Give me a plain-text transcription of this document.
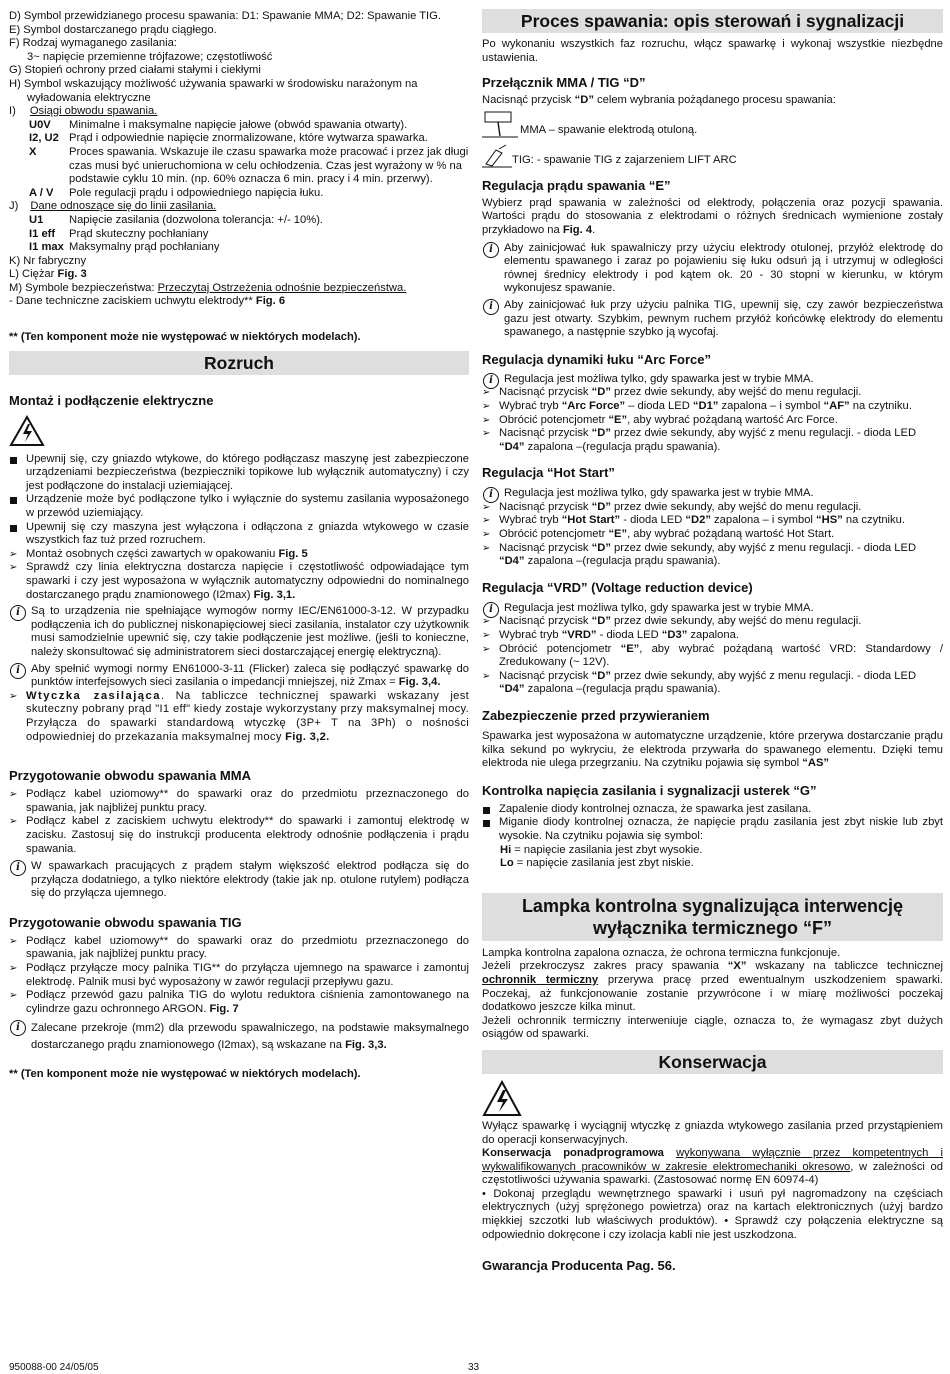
D) Symbol przewidzianego procesu spawania: D1: Spawanie MMA; D2: Spawanie TIG.

E) Symbol dostarczanego prądu ciągłego.

F) Rodzaj wymaganego zasilania:

3~ napięcie przemienne trójfazowe; częstotliwość

G) Stopień ochrony przed ciałami stałymi i ciekłymi

H) Symbol wskazujący możliwość używania spawarki w środowisku narażonym na

wyładowania elektryczne

I) Osiągi obwodu spawania.

U0V	Minimalne i maksymalne napięcie jałowe (obwód spawania otwarty).
I2, U2 Prąd i odpowiednie napięcie znormalizowane, które wytwarza spawarka.
X	Proces spawania. Wskazuje ile czasu spawarka może pracować i przez jak długi czas musi być unieruchomiona w celu ochłodzenia. Czas jest wyrażony w % na podstawie cyklu 10 min. (np. 60% oznacza 6 min. pracy i 4 min. przerwy).
A / V	Pole regulacji prądu i odpowiedniego napięcia łuku.

J) Dane odnoszące się do linii zasilania.

U1	Napięcie zasilania (dozwolona tolerancja: +/- 10%).
I1 eff	Prąd skuteczny pochłaniany
I1 max Maksymalny prąd pochłaniany

K) Nr fabryczny

L) Ciężar Fig. 3

M) Symbole bezpieczeństwa: Przeczytaj Ostrzeżenia odnośnie bezpieczeństwa.

- Dane techniczne zaciskiem uchwytu elektrody** Fig. 6

** (Ten komponent może nie występować w niektórych modelach).

Rozruch
Montaż i podłączenie elektryczne

Upewnij się, czy gniazdo wtykowe, do którego podłączasz maszynę jest zabezpieczone urządzeniami bezpieczeństwa (bezpieczniki topikowe lub wyłącznik automatyczny) i czy jest podłączone do instalacji uziemiającej.

Urządzenie może być podłączone tylko i wyłącznie do systemu zasilania wyposażonego w przewód uziemiający.

Upewnij się czy maszyna jest wyłączona i odłączona z gniazda wtykowego w czasie wszystkich faz tuż przed rozruchem.

➢ Montaż osobnych części zawartych w opakowaniu Fig. 5

➢ Sprawdź czy linia elektryczna dostarcza napięcie i częstotliwość odpowiadające tym spawarki i czy jest wyposażona w wyłącznik automatyczny odpowiedni do nominalnego dostarczanego prądu znamionowego (I2max) Fig. 3,1.

i Są to urządzenia nie spełniające wymogów normy IEC/EN61000-3-12. W przypadku podłączenia ich do publicznej niskonapięciowej sieci zasilania, instalator czy użytkownik musi samodzielnie upewnić się, czy takie podłączenie jest możliwe. (jeśli to konieczne, należy skonsultować się administratorem sieci dostarczającej energię elektryczną).

i Aby spełnić wymogi normy EN61000-3-11 (Flicker) zaleca się podłączyć spawarkę do punktów interfejsowych sieci zasilania o impedancji mniejszej, niż Zmax = Fig. 3,4.

➢ Wtyczka zasilająca. Na tabliczce technicznej spawarki wskazany jest skuteczny pobrany prąd "I1 eff" kiedy zostaje wykorzystany przy maksymalnej mocy. Przyłącza do spawarki standardową wtyczkę (3P+ T na 3Ph) o nośności odpowiedniej do przekazania maksymalnej mocy Fig. 3,2.

Przygotowanie obwodu spawania MMA

➢ Podłącz kabel uziomowy** do spawarki oraz do przedmiotu przeznaczonego do spawania, jak najbliżej punktu pracy.

➢ Podłącz kabel z zaciskiem uchwytu elektrody** do spawarki i zamontuj elektrodę w zacisku. Zastosuj się do instrukcji producenta elektrody odnośnie podłączenia i prądu spawania.

i W spawarkach pracujących z prądem stałym większość elektrod podłącza się do przyłącza dodatniego, a tylko niektóre elektrody (takie jak np. otulone rutylem) podłącza się do przyłącza ujemnego.

Przygotowanie obwodu spawania TIG

➢ Podłącz kabel uziomowy** do spawarki oraz do przedmiotu przeznaczonego do spawania, jak najbliżej punktu pracy.

➢ Podłącz przyłącze mocy palnika TIG** do przyłącza ujemnego na spawarce i zamontuj elektrodę. Palnik musi być wyposażony w zawór regulacji przepływu gazu.

➢ Podłącz przewód gazu palnika TIG do wylotu reduktora ciśnienia zamontowanego na cylindrze gazu ochronnego ARGON. Fig. 7

i Zalecane przekroje (mm2) dla przewodu spawalniczego, na podstawie maksymalnego dostarczanego prądu znamionowego (I2max), są wskazane na Fig. 3,3.

** (Ten komponent może nie występować w niektórych modelach).

Proces spawania: opis sterowań i sygnalizacji

Po wykonaniu wszystkich faz rozruchu, włącz spawarkę i wykonaj wszystkie niezbędne ustawienia.

Przełącznik MMA / TIG “D”

Nacisnąć przycisk “D” celem wybrania pożądanego procesu spawania:

MMA – spawanie elektrodą otuloną.
TIG: - spawanie TIG z zajarzeniem LIFT ARC
Regulacja prądu spawania “E”

Wybierz prąd spawania w zależności od elektrody, połączenia oraz pozycji spawania. Wartości prądu do stosowania z elektrodami o różnych średnicach wymienione zostały przykładowo na Fig. 4.

i Aby zainicjować łuk spawalniczy przy użyciu elektrody otulonej, przyłóż elektrodę do elementu spawanego i zaraz po pojawieniu się łuku odsuń ją i utrzymuj w odległości równej średnicy elektrody i pod kątem ok. 20 - 30 stopni w kierunku, w którym wykonujesz spawanie.

i Aby zainicjować łuk przy użyciu palnika TIG, upewnij się, czy zawór bezpieczeństwa gazu jest otwarty. Szybkim, pewnym ruchem przyłóż końcówkę elektrody do elementu spawanego, a następnie szybko ją wycofaj.

Regulacja dynamiki łuku “Arc Force”

i Regulacja jest możliwa tylko, gdy spawarka jest w trybie MMA.

➢ Nacisnąć przycisk “D” przez dwie sekundy, aby wejść do menu regulacji.

➢ Wybrać tryb “Arc Force” – dioda LED “D1” zapalona – i symbol “AF” na czytniku.

➢ Obrócić potencjometr “E”, aby wybrać pożądaną wartość Arc Force.

➢ Nacisnąć przycisk “D” przez dwie sekundy, aby wyjść z menu regulacji. - dioda LED “D4” zapalona –(regulacja prądu spawania).

Regulacja “Hot Start”

i Regulacja jest możliwa tylko, gdy spawarka jest w trybie MMA.

➢ Nacisnąć przycisk “D” przez dwie sekundy, aby wejść do menu regulacji.

➢ Wybrać tryb “Hot Start” - dioda LED “D2” zapalona – i symbol “HS” na czytniku.

➢ Obrócić potencjometr “E”, aby wybrać pożądaną wartość Hot Start.

➢ Nacisnąć przycisk “D” przez dwie sekundy, aby wyjść z menu regulacji. - dioda LED “D4” zapalona –(regulacja prądu spawania).

Regulacja “VRD” (Voltage reduction device)

i Regulacja jest możliwa tylko, gdy spawarka jest w trybie MMA.

➢ Nacisnąć przycisk “D” przez dwie sekundy, aby wejść do menu regulacji.

➢ Wybrać tryb “VRD” - dioda LED “D3” zapalona.

➢ Obrócić potencjometr “E”, aby wybrać pożądaną wartość VRD: Standardowy / Zredukowany (~ 12V).

➢ Nacisnąć przycisk “D” przez dwie sekundy, aby wyjść z menu regulacji. - dioda LED “D4” zapalona –(regulacja prądu spawania).

Zabezpieczenie przed przywieraniem

Spawarka jest wyposażona w automatyczne urządzenie, które przerywa dostarczanie prądu kilka sekund po wykryciu, że elektroda przywarła do spawanego elementu. Dzięki temu elektroda nie ulega przegrzaniu. Na czytniku pojawia się symbol “AS”

Kontrolka napięcia zasilania i sygnalizacji usterek “G”

Zapalenie diody kontrolnej oznacza, że spawarka jest zasilana.

Miganie diody kontrolnej oznacza, że napięcie prądu zasilania jest zbyt niskie lub zbyt wysokie. Na czytniku pojawia się symbol:

Hi = napięcie zasilania jest zbyt wysokie.

Lo = napięcie zasilania jest zbyt niskie.

Lampka kontrolna sygnalizująca interwencję
wyłącznika termicznego “F”

Lampka kontrolna zapalona oznacza, że ochrona termiczna funkcjonuje.

Jeżeli przekroczysz zakres pracy spawania “X” wskazany na tabliczce technicznej ochronnik termiczny przerywa pracę przed ewentualnym uszkodzeniem spawarki. Poczekaj, aż funkcjonowanie zostanie przywrócone i w miarę możliwości poczekaj dodatkowo jeszcze kilka minut.

Jeżeli ochronnik termiczny interweniuje ciągle, oznacza to, że wymagasz zbyt dużych osiągów od spawarki.

Konserwacja

Wyłącz spawarkę i wyciągnij wtyczkę z gniazda wtykowego zasilania przed przystąpieniem do operacji konserwacyjnych.

Konserwacja ponadprogramowa wykonywana wyłącznie przez kompetentnych i wykwalifikowanych pracowników w zakresie elektromechaniki okresowo, w zależności od częstotliwości używania spawarki. (Zastosować normę EN 60974-4)

• Dokonaj przeglądu wewnętrznego spawarki i usuń pył nagromadzony na częściach elektrycznych (użyj sprężonego powietrza) oraz na kartach elektronicznych (użyj bardzo miękkiej szczotki lub właściwych produktów). • Sprawdź czy połączenia elektryczne są odpowiednio dokręcone i czy izolacja kabli nie jest uszkodzona.

Gwarancja Producenta Pag. 56.
950088-00 24/05/05	33
